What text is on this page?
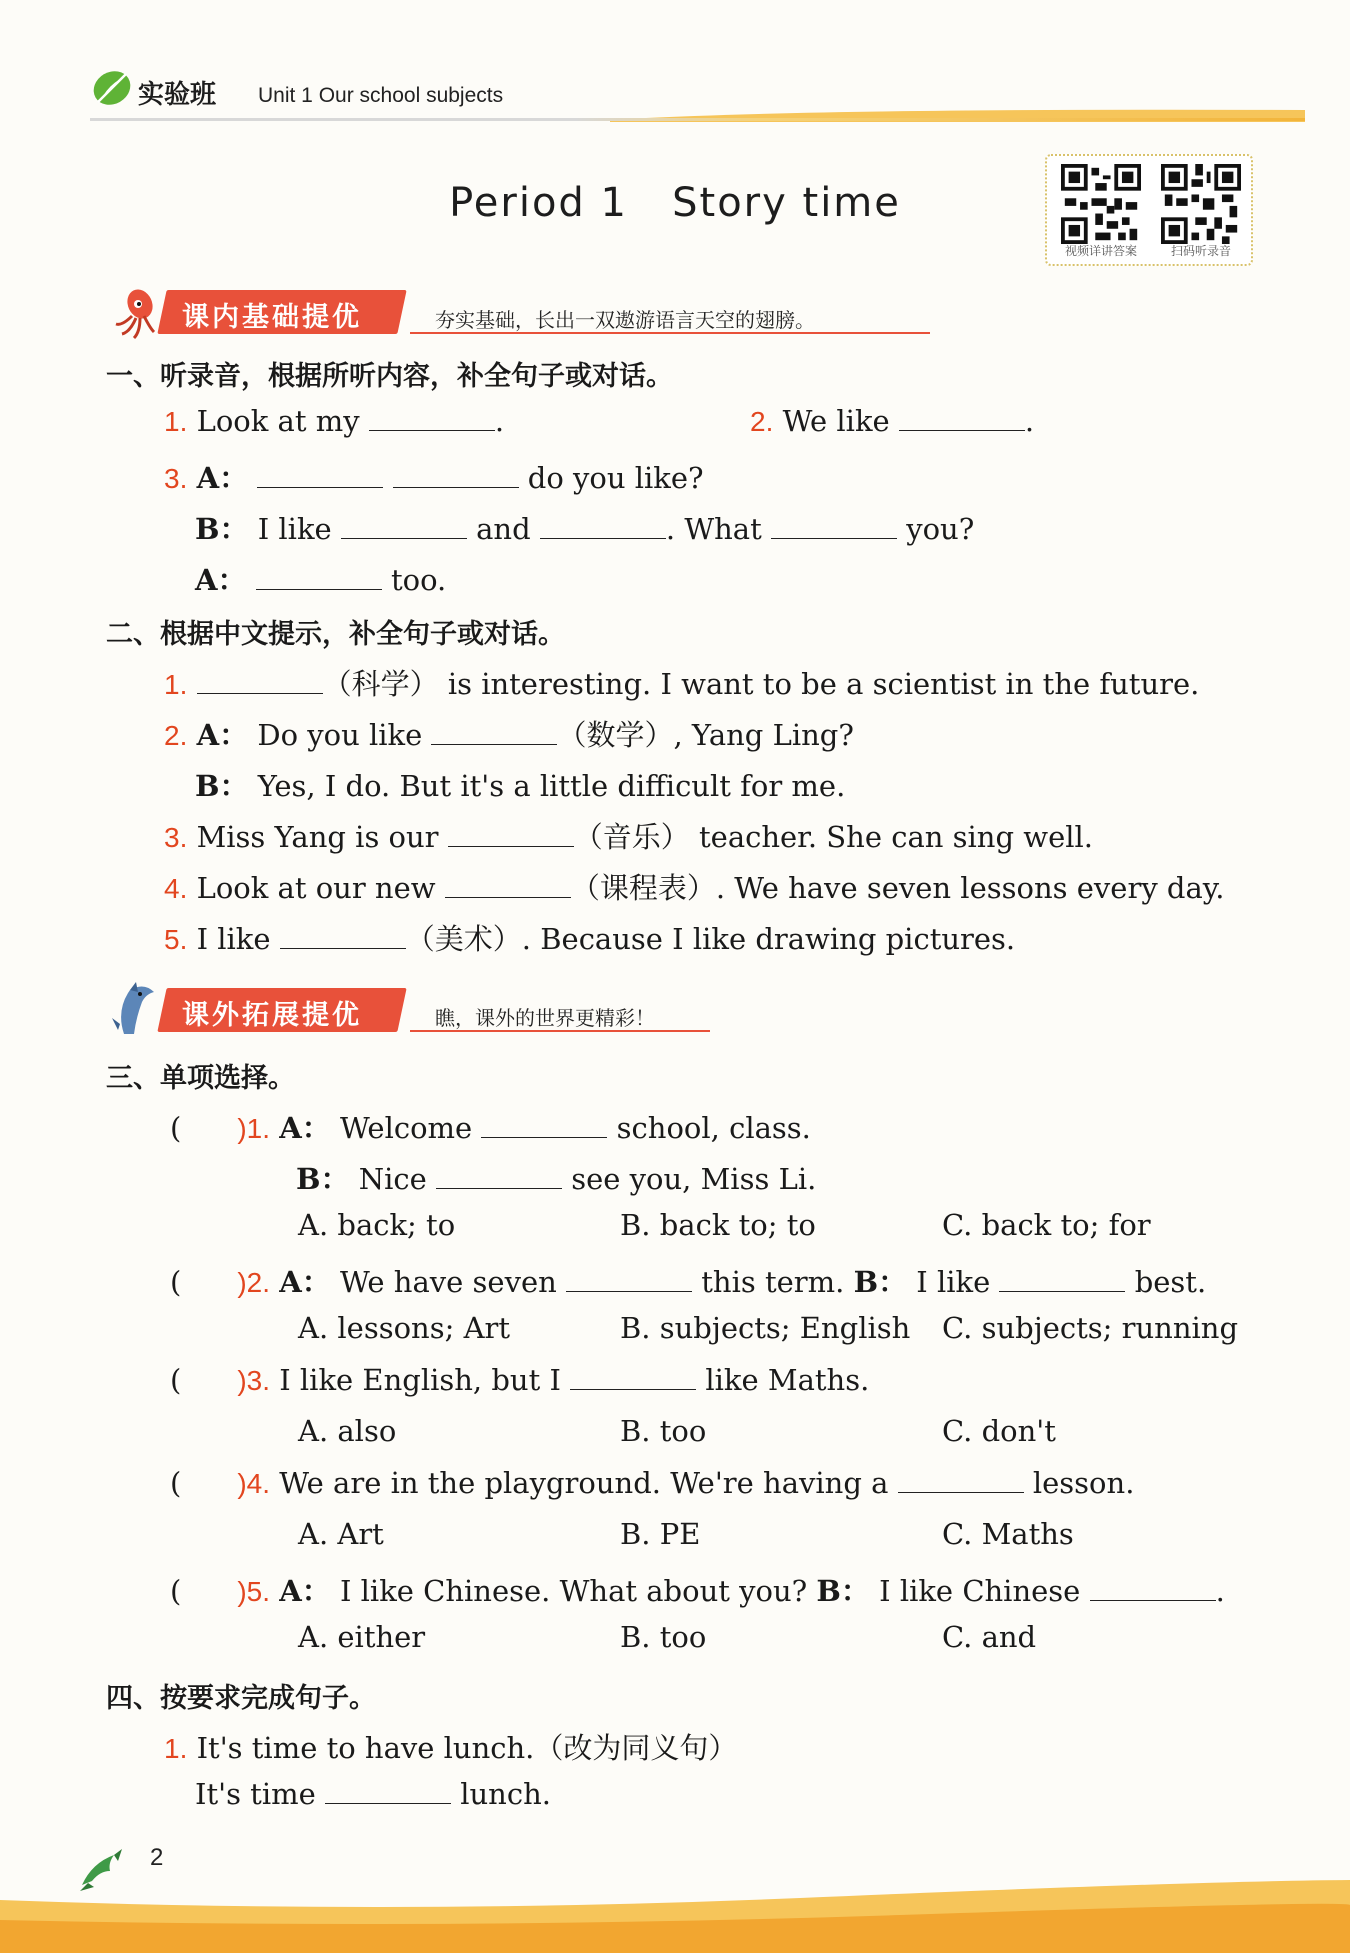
实验班 Unit 1 Our school subjects
Period 1   Story time
视频详讲答案	扫码听录音
课内基础提优	夯实基础，长出一双遨游语言天空的翅膀。
一、听录音，根据所听内容，补全句子或对话。
1. Look at my	.	2. We like	.
3. A：	do you like?
B： I like	and	. What	you?
A：	too.
二、根据中文提示，补全句子或对话。
1.	（科学） is interesting. I want to be a scientist in the future.
2. A： Do you like	（数学）, Yang Ling?
B： Yes, I do. But it's a little difficult for me.
3. Miss Yang is our	（音乐） teacher. She can sing well.
4. Look at our new	（课程表）. We have seven lessons every day.
5. I like	（美术）. Because I like drawing pictures.
课外拓展提优	瞧，课外的世界更精彩！
三、单项选择。
( )1. A： Welcome	school, class.
B： Nice	see you, Miss Li.
A. back; to	B. back to; to	C. back to; for
( )2. A： We have seven	this term. B： I like	best.
A. lessons; Art	B. subjects; English C. subjects; running
( )3. I like English, but I	like Maths.
A. also	B. too	C. don't
( )4. We are in the playground. We're having a	lesson.
A. Art	B. PE	C. Maths
( )5. A： I like Chinese. What about you? B： I like Chinese	.
A. either	B. too	C. and
四、按要求完成句子。
1. It's time to have lunch.（改为同义句）
It's time	lunch.
2
